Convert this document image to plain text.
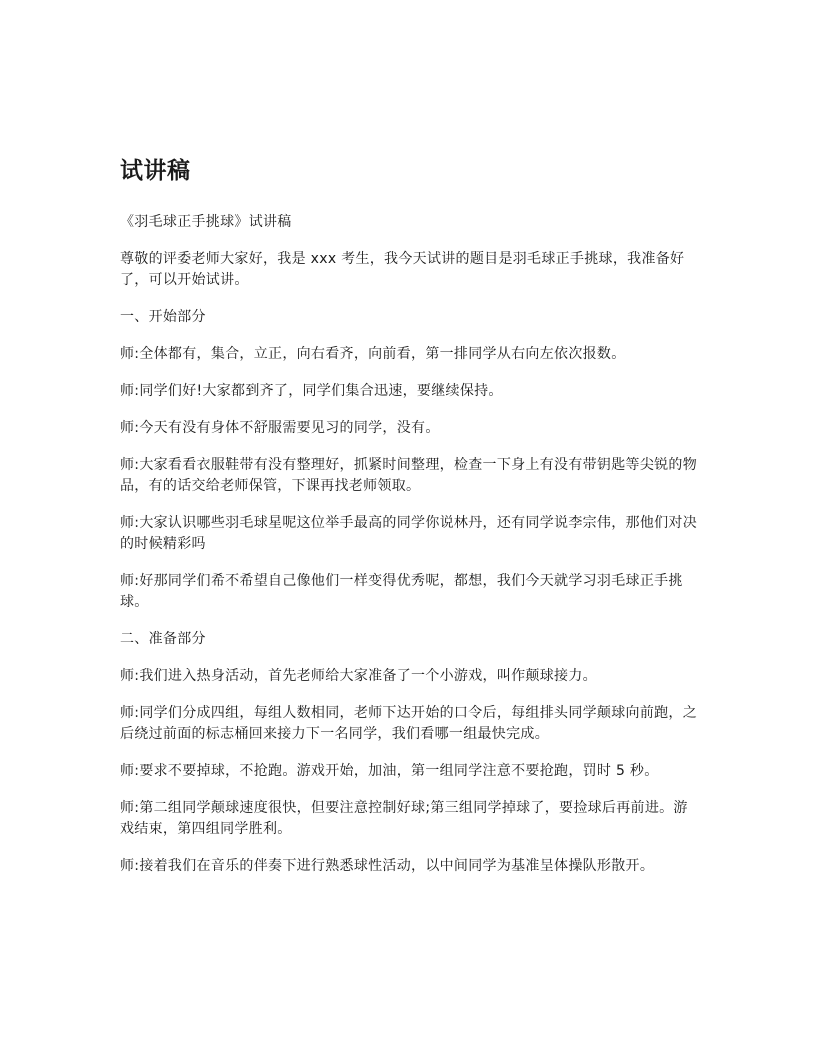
试讲稿
《羽毛球正手挑球》试讲稿
尊敬的评委老师大家好，我是 xxx 考生，我今天试讲的题目是羽毛球正手挑球，我准备好了，可以开始试讲。
一、开始部分
师:全体都有，集合，立正，向右看齐，向前看，第一排同学从右向左依次报数。
师:同学们好!大家都到齐了，同学们集合迅速，要继续保持。
师:今天有没有身体不舒服需要见习的同学，没有。
师:大家看看衣服鞋带有没有整理好，抓紧时间整理，检查一下身上有没有带钥匙等尖锐的物品，有的话交给老师保管，下课再找老师领取。
师:大家认识哪些羽毛球星呢这位举手最高的同学你说林丹，还有同学说李宗伟，那他们对决的时候精彩吗
师:好那同学们希不希望自己像他们一样变得优秀呢，都想，我们今天就学习羽毛球正手挑球。
二、准备部分
师:我们进入热身活动，首先老师给大家准备了一个小游戏，叫作颠球接力。
师:同学们分成四组，每组人数相同，老师下达开始的口令后，每组排头同学颠球向前跑，之后绕过前面的标志桶回来接力下一名同学，我们看哪一组最快完成。
师:要求不要掉球，不抢跑。游戏开始，加油，第一组同学注意不要抢跑，罚时 5 秒。
师:第二组同学颠球速度很快，但要注意控制好球;第三组同学掉球了，要捡球后再前进。游戏结束，第四组同学胜利。
师:接着我们在音乐的伴奏下进行熟悉球性活动，以中间同学为基准呈体操队形散开。
